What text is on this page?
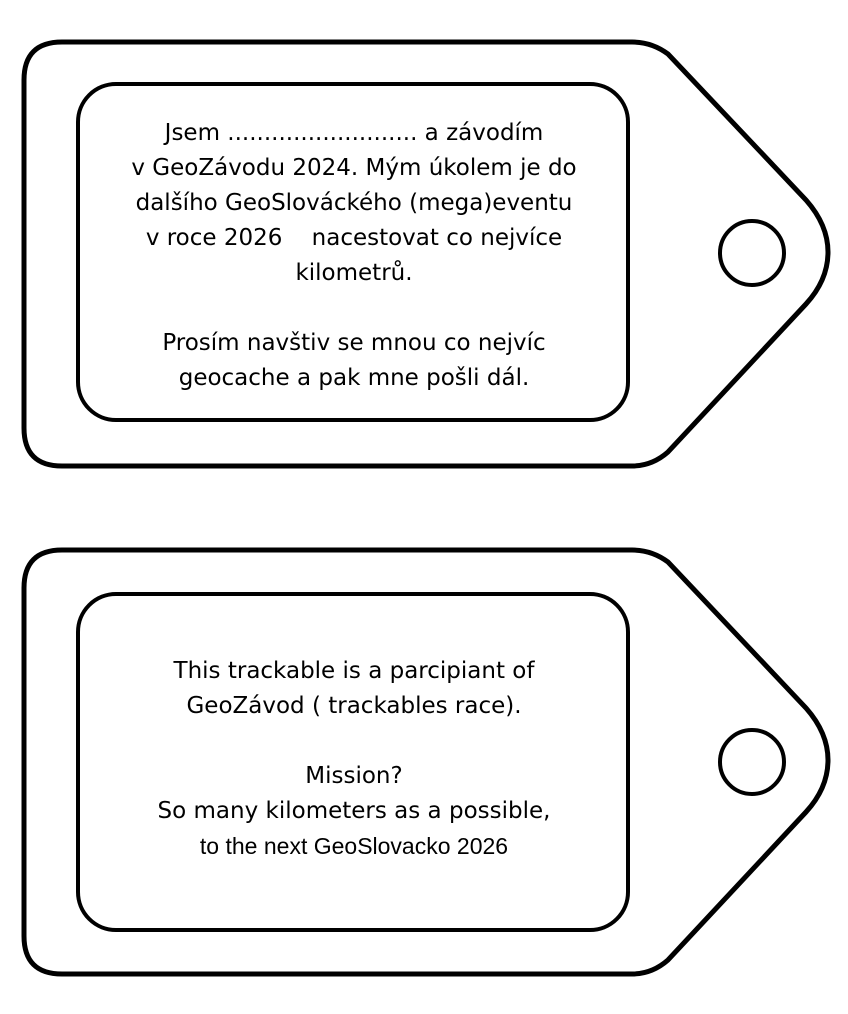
Jsem .......................... a závodím
v GeoZávodu 2024. Mým úkolem je do
dalšího GeoSlováckého (mega)eventu
v roce 2026    nacestovat co nejvíce
kilometrů.
Prosím navštiv se mnou co nejvíc
geocache a pak mne pošli dál.
This trackable is a parcipiant of
GeoZávod ( trackables race).
Mission?
So many kilometers as a possible,
to the next GeoSlovacko 2026
